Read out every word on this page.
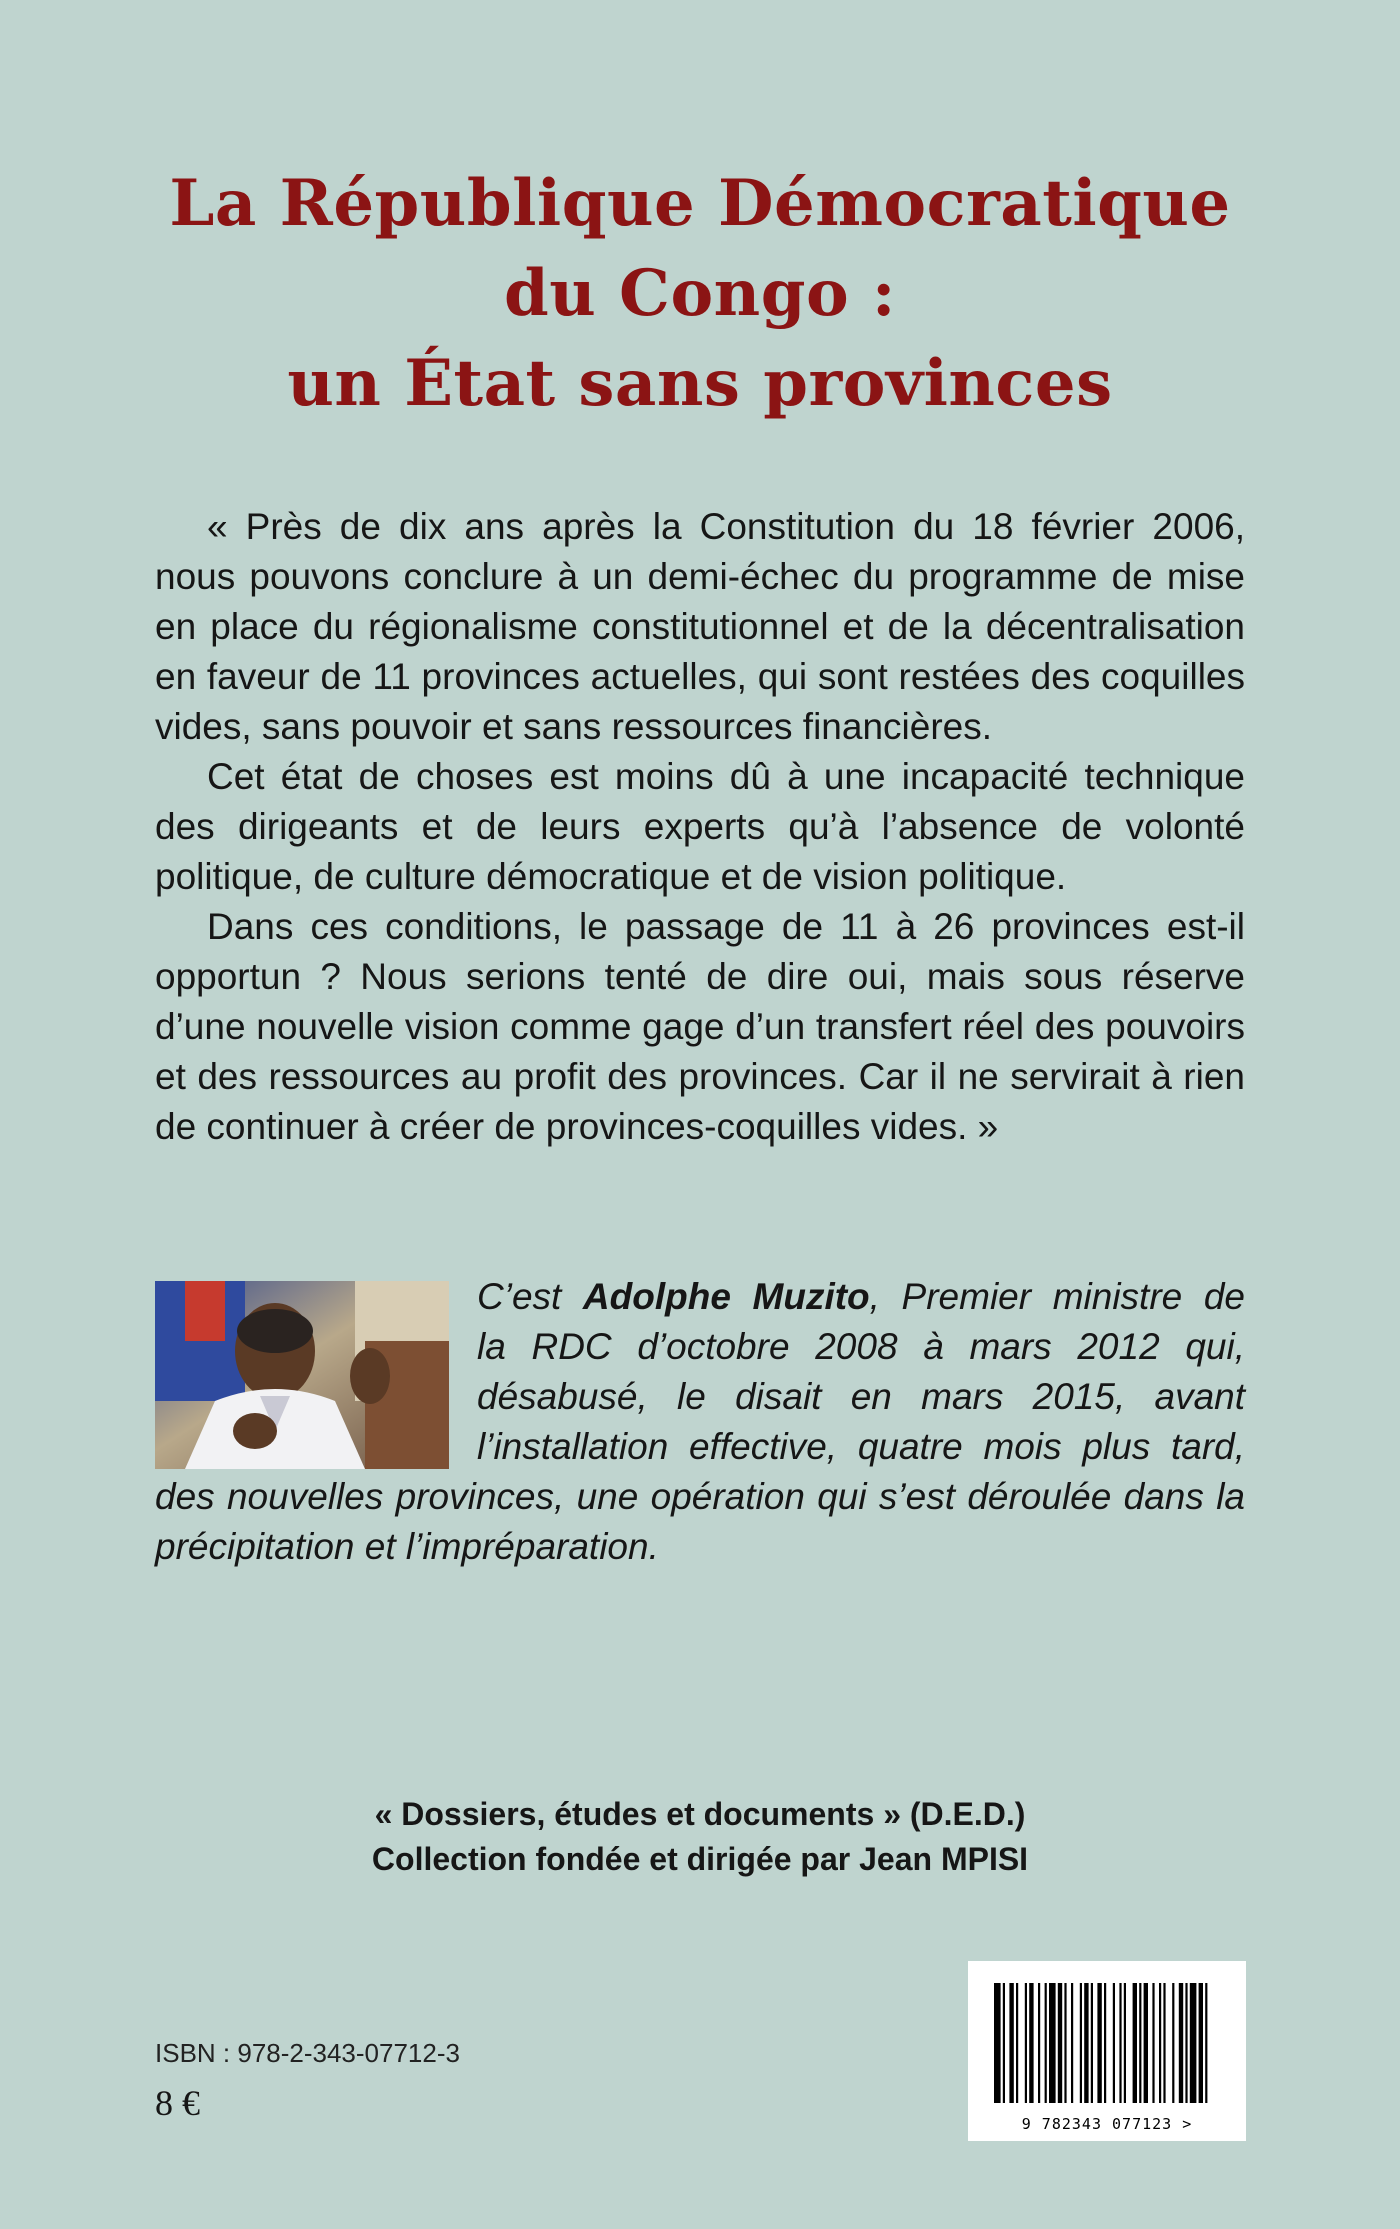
La République Démocratique
du Congo :
un État sans provinces

« Près de dix ans après la Constitution du 18 février 2006, nous pouvons conclure à un demi-échec du programme de mise en place du régionalisme constitutionnel et de la décentralisation en faveur de 11 provinces actuelles, qui sont restées des coquilles vides, sans pouvoir et sans ressources financières.

Cet état de choses est moins dû à une incapacité technique des dirigeants et de leurs experts qu’à l’absence de volonté politique, de culture démocratique et de vision politique.

Dans ces conditions, le passage de 11 à 26 provinces est-il opportun ? Nous serions tenté de dire oui, mais sous réserve d’une nouvelle vision comme gage d’un transfert réel des pouvoirs et des ressources au profit des provinces. Car il ne servirait à rien de continuer à créer de provinces-coquilles vides. »

C’est Adolphe Muzito, Premier ministre de
la RDC d’octobre 2008 à mars 2012 qui,
désabusé, le disait en mars 2015, avant
l’installation effective, quatre mois plus tard,
des nouvelles provinces, une opération qui s’est déroulée dans la
précipitation et l’impréparation.
« Dossiers, études et documents » (D.E.D.)
Collection fondée et dirigée par Jean MPISI
ISBN : 978-2-343-07712-3
8 €
9 782343 077123 >
